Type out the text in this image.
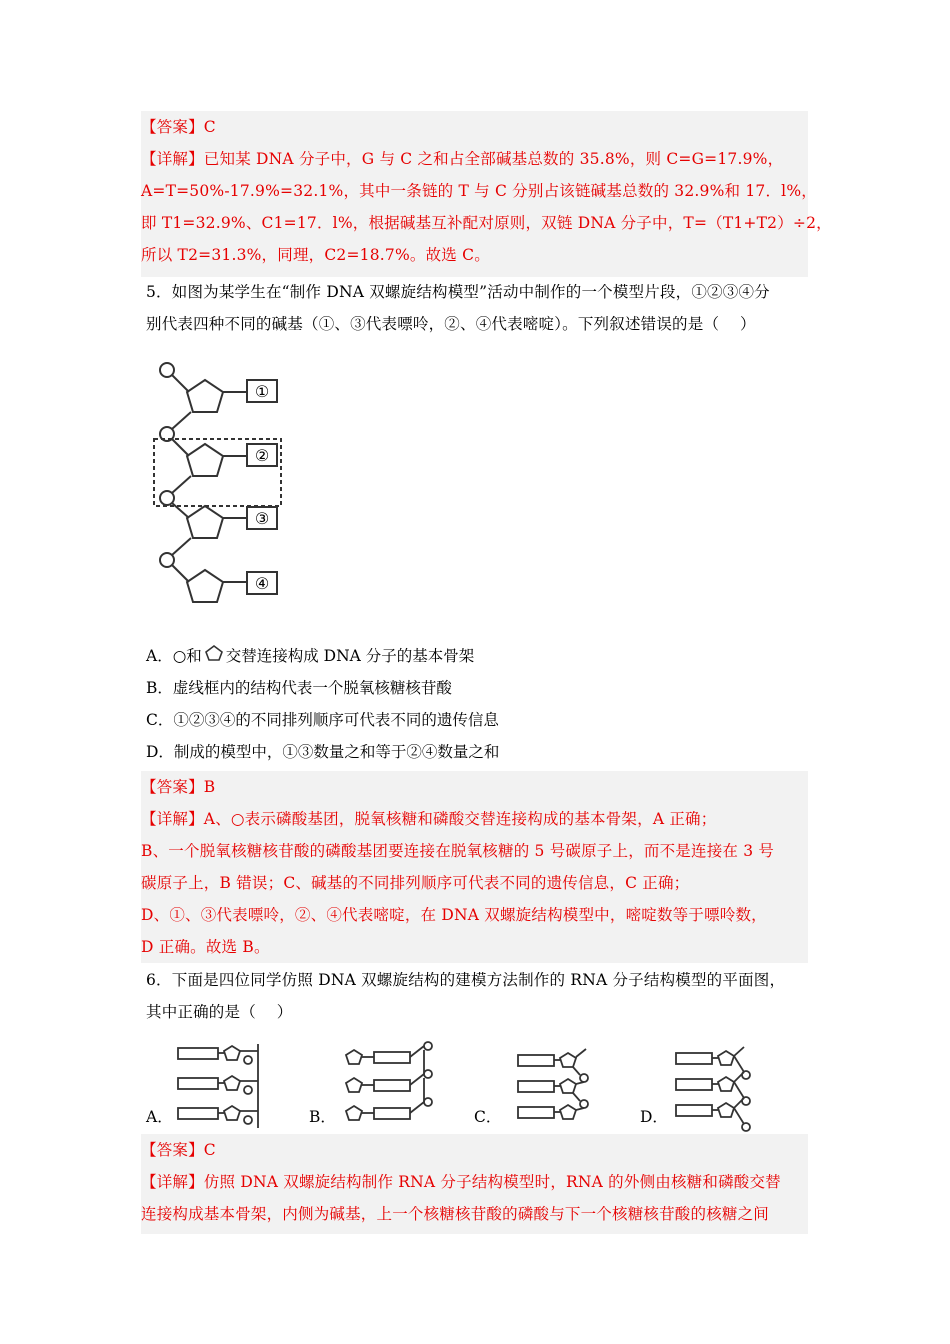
【答案】C
【详解】已知某 DNA 分子中，G 与 C 之和占全部碱基总数的 35.8%，则 C=G=17.9%，
A=T=50%-17.9%=32.1%，其中一条链的 T 与 C 分别占该链碱基总数的 32.9%和 17．l%，
即 T1=32.9%、C1=17．l%，根据碱基互补配对原则，双链 DNA 分子中，T=（T1+T2）÷2，
所以 T2=31.3%，同理，C2=18.7%。故选 C。
5．如图为某学生在“制作 DNA 双螺旋结构模型”活动中制作的一个模型片段，①②③④分
别代表四种不同的碱基（①、③代表嘌呤，②、④代表嘧啶）。下列叙述错误的是（　 ）
①
②
③
④
A．○和 交替连接构成 DNA 分子的基本骨架
B．虚线框内的结构代表一个脱氧核糖核苷酸
C．①②③④的不同排列顺序可代表不同的遗传信息
D．制成的模型中，①③数量之和等于②④数量之和
【答案】B
【详解】A、○表示磷酸基团，脱氧核糖和磷酸交替连接构成的基本骨架，A 正确；
B、一个脱氧核糖核苷酸的磷酸基团要连接在脱氧核糖的 5 号碳原子上，而不是连接在 3 号
碳原子上，B 错误；C、碱基的不同排列顺序可代表不同的遗传信息，C 正确；
D、①、③代表嘌呤，②、④代表嘧啶，在 DNA 双螺旋结构模型中，嘧啶数等于嘌呤数，
D 正确。故选 B。
6．下面是四位同学仿照 DNA 双螺旋结构的建模方法制作的 RNA 分子结构模型的平面图，
其中正确的是（　 ）
A．	B．	C．	D．
【答案】C
【详解】仿照 DNA 双螺旋结构制作 RNA 分子结构模型时，RNA 的外侧由核糖和磷酸交替
连接构成基本骨架，内侧为碱基，上一个核糖核苷酸的磷酸与下一个核糖核苷酸的核糖之间
